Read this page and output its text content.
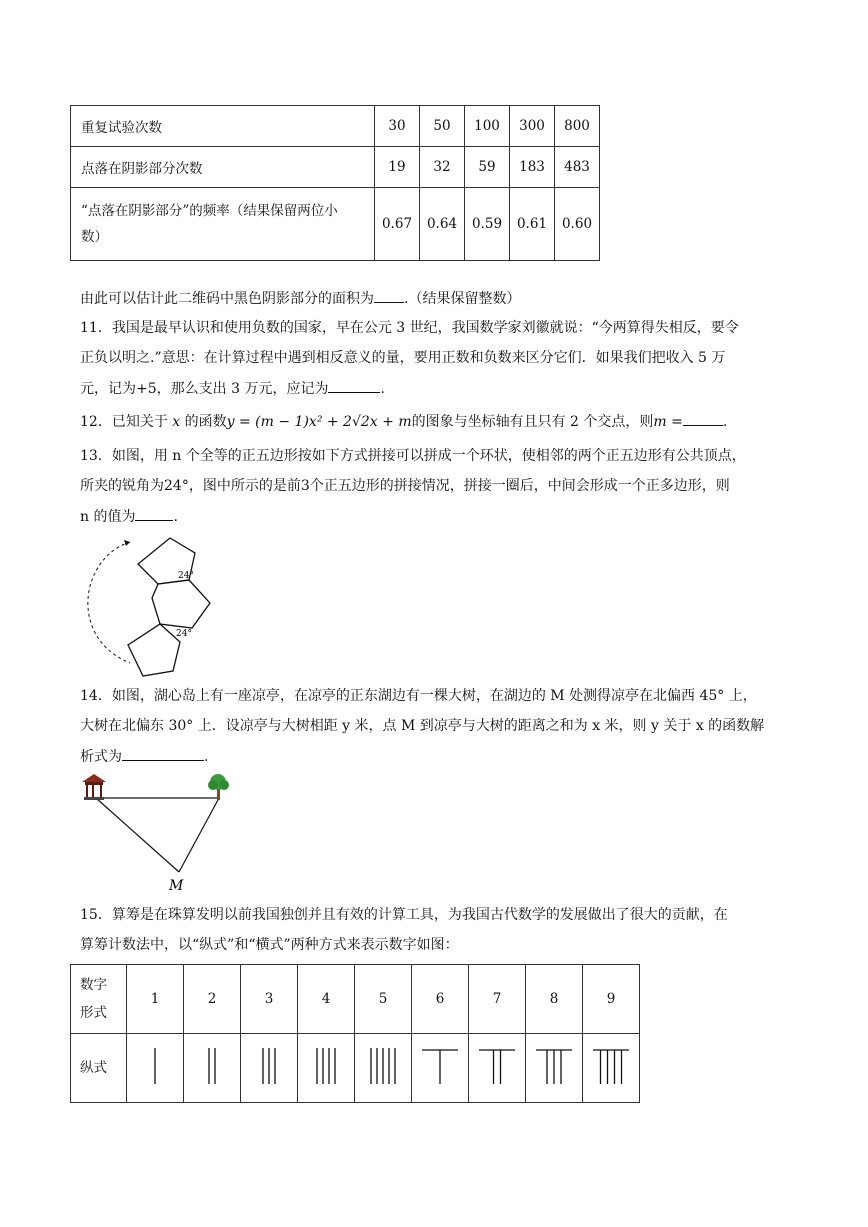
重复试验次数	30	50	100	300	800
点落在阴影部分次数	19	32	59	183	483
“点落在阴影部分”的频率（结果保留两位小
数）	0.67	0.64	0.59	0.61	0.60
由此可以估计此二维码中黑色阴影部分的面积为 .（结果保留整数）
11．我国是最早认识和使用负数的国家，早在公元 3 世纪，我国数学家刘徽就说：“今两算得失相反，要令
正负以明之.”意思：在计算过程中遇到相反意义的量，要用正数和负数来区分它们．如果我们把收入 5 万
元，记为+5，那么支出 3 万元，应记为	.
12．已知关于 x 的函数y = (m − 1)x² + 2√2x + m的图象与坐标轴有且只有 2 个交点，则m =	.
13．如图，用 n 个全等的正五边形按如下方式拼接可以拼成一个环状，使相邻的两个正五边形有公共顶点，
所夹的锐角为24°，图中所示的是前3个正五边形的拼接情况，拼接一圈后，中间会形成一个正多边形，则
n 的值为	.
24°
24°
14．如图，湖心岛上有一座凉亭，在凉亭的正东湖边有一棵大树，在湖边的 M 处测得凉亭在北偏西 45° 上，
大树在北偏东 30° 上．设凉亭与大树相距 y 米，点 M 到凉亭与大树的距离之和为 x 米，则 y 关于 x 的函数解
析式为	.
M
15．算筹是在珠算发明以前我国独创并且有效的计算工具，为我国古代数学的发展做出了很大的贡献，在
算筹计数法中，以“纵式”和“横式”两种方式来表示数字如图：
数字
形式	1	2	3	4	5	6	7	8	9
纵式									
